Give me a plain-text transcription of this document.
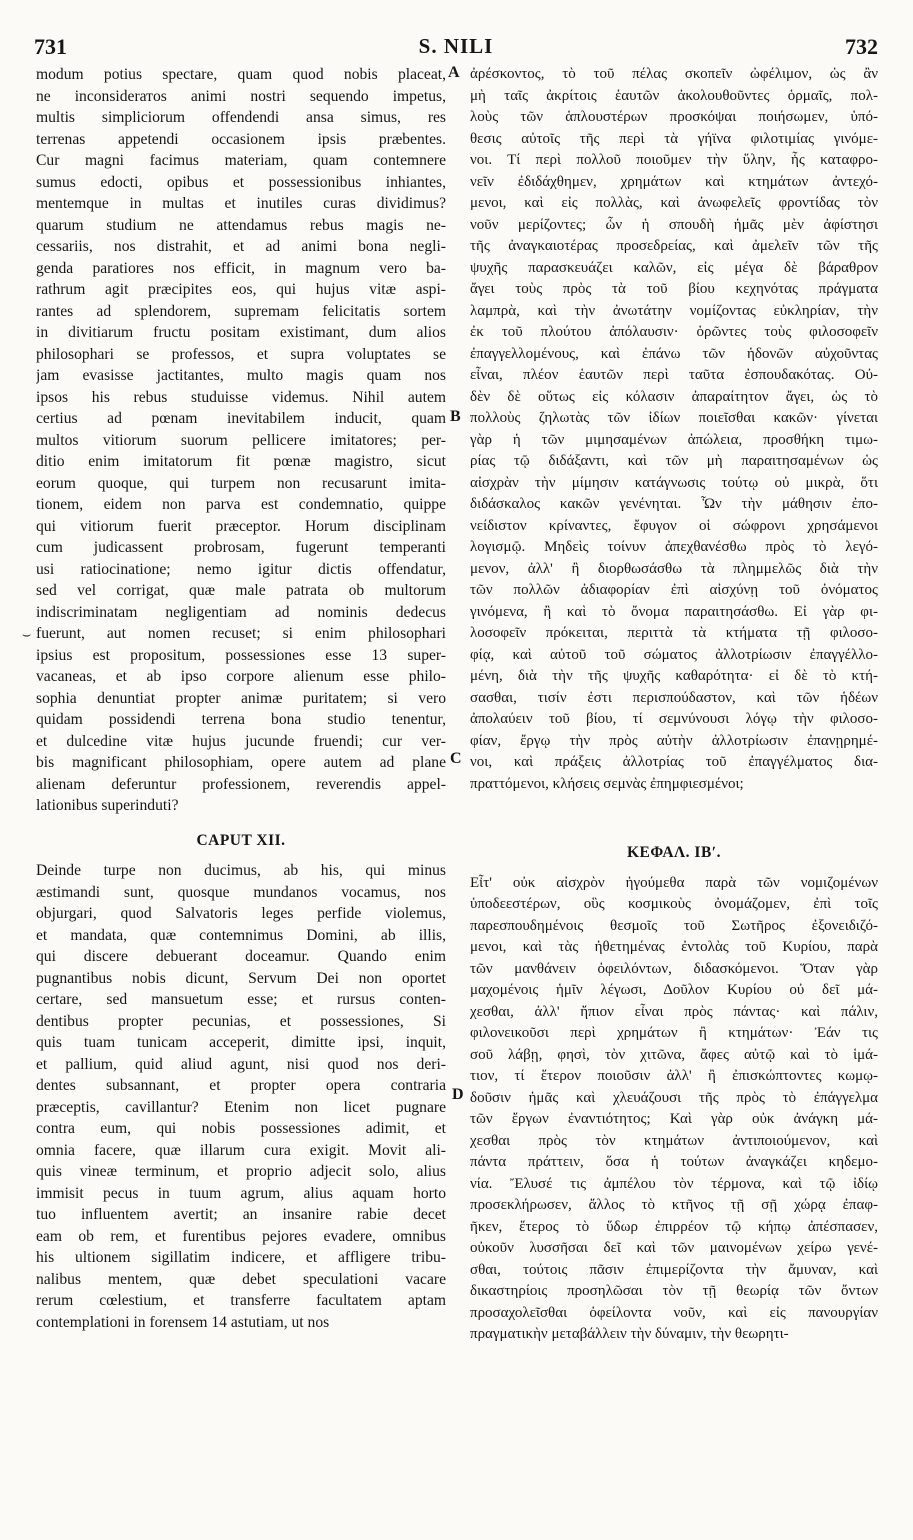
731	S. NILI	732
modum potius spectare, quam quod nobis placeat,
ne inconsiderатos animi nostri sequendo impetus,
multis simpliciorum offendendi ansa simus, res
terrenas appetendi occasionem ipsis præbentes.
Cur magni facimus materiam, quam contemnere
sumus edocti, opibus et possessionibus inhiantes,
mentemque in multas et inutiles curas dividimus?
quarum studium ne attendamus rebus magis ne-
cessariis, nos distrahit, et ad animi bona negli-
genda paratiores nos efficit, in magnum vero ba-
rathrum agit præcipites eos, qui hujus vitæ aspi-
rantes ad splendorem, supremam felicitatis sortem
in divitiarum fructu positam existimant, dum alios
philosophari se professos, et supra voluptates se
jam evasisse jactitantes, multo magis quam nos
ipsos his rebus studuisse videmus. Nihil autem
certius ad pœnam inevitabilem inducit, quam
multos vitiorum suorum pellicere imitatores; per-
ditio enim imitatorum fit pœnæ magistro, sicut
eorum quoque, qui turpem non recusarunt imita-
tionem, eidem non parva est condemnatio, quippe
qui vitiorum fuerit præceptor. Horum disciplinam
cum judicassent probrosam, fugerunt temperanti
usi ratiocinatione; nemo igitur dictis offendatur,
sed vel corrigat, quæ male patrata ob multorum
indiscriminatam negligentiam ad nominis dedecus
fuerunt, aut nomen recuset; si enim philosophari
ipsius est propositum, possessiones esse 13 super-
vacaneas, et ab ipso corpore alienum esse philo-
sophia denuntiat propter animæ puritatem; si vero
quidam possidendi terrena bona studio tenentur,
et dulcedine vitæ hujus jucunde fruendi; cur ver-
bis magnificant philosophiam, opere autem ad plane
alienam deferuntur professionem, reverendis appel-
lationibus superinduti?
CAPUT XII.
Deinde turpe non ducimus, ab his, qui minus
æstimandi sunt, quosque mundanos vocamus, nos
objurgari, quod Salvatoris leges perfide violemus,
et mandata, quæ contemnimus Domini, ab illis,
qui discere debuerant doceamur. Quando enim
pugnantibus nobis dicunt, Servum Dei non oportet
certare, sed mansuetum esse; et rursus conten-
dentibus propter pecunias, et possessiones, Si
quis tuam tunicam acceperit, dimitte ipsi, inquit,
et pallium, quid aliud agunt, nisi quod nos deri-
dentes subsannant, et propter opera contraria
præceptis, cavillantur? Etenim non licet pugnare
contra eum, qui nobis possessiones adimit, et
omnia facere, quæ illarum cura exigit. Movit ali-
quis vineæ terminum, et proprio adjecit solo, alius
immisit pecus in tuum agrum, alius aquam horto
tuo influentem avertit; an insanire rabie decet
eam ob rem, et furentibus pejores evadere, omnibus
his ultionem sigillatim indicere, et affligere tribu-
nalibus mentem, quæ debet speculationi vacare
rerum cœlestium, et transferre facultatem aptam
contemplationi in forensem 14 astutiam, ut nos
ἀρέσκοντος, τὸ τοῦ πέλας σκοπεῖν ὠφέλιμον, ὡς ἂν
μὴ ταῖς ἀκρίτοις ἑαυτῶν ἀκολουθοῦντες ὁρμαῖς, πολ-
λοὺς τῶν ἁπλουστέρων προσκόψαι ποιήσωμεν, ὑπό-
θεσις αὐτοῖς τῆς περὶ τὰ γήϊνα φιλοτιμίας γινόμε-
νοι. Τί περὶ πολλοῦ ποιοῦμεν τὴν ὕλην, ἧς καταφρο-
νεῖν ἐδιδάχθημεν, χρημάτων καὶ κτημάτων ἀντεχό-
μενοι, καὶ εἰς πολλὰς, καὶ ἀνωφελεῖς φροντίδας τὸν
νοῦν μερίζοντες; ὧν ἡ σπουδὴ ἡμᾶς μὲν ἀφίστησι
τῆς ἀναγκαιοτέρας προσεδρείας, καὶ ἀμελεῖν τῶν τῆς
ψυχῆς παρασκευάζει καλῶν, εἰς μέγα δὲ βάραθρον
ἄγει τοὺς πρὸς τὰ τοῦ βίου κεχηνότας πράγματα
λαμπρὰ, καὶ τὴν ἀνωτάτην νομίζοντας εὐκληρίαν, τὴν
ἐκ τοῦ πλούτου ἀπόλαυσιν· ὁρῶντες τοὺς φιλοσοφεῖν
ἐπαγγελλομένους, καὶ ἐπάνω τῶν ἡδονῶν αὐχοῦντας
εἶναι, πλέον ἑαυτῶν περὶ ταῦτα ἐσπουδακότας. Οὐ-
δὲν δὲ οὕτως εἰς κόλασιν ἀπαραίτητον ἄγει, ὡς τὸ
πολλοὺς ζηλωτὰς τῶν ἰδίων ποιεῖσθαι κακῶν· γίνεται
γὰρ ἡ τῶν μιμησαμένων ἀπώλεια, προσθήκη τιμω-
ρίας τῷ διδάξαντι, καὶ τῶν μὴ παραιτησαμένων ὡς
αἰσχρὰν τὴν μίμησιν κατάγνωσις τούτῳ οὐ μικρὰ, ὅτι
διδάσκαλος κακῶν γενένηται. Ὧν τὴν μάθησιν ἐπο-
νείδιστον κρίναντες, ἔφυγον οἱ σώφρονι χρησάμενοι
λογισμῷ. Μηδεὶς τοίνυν ἀπεχθανέσθω πρὸς τὸ λεγό-
μενον, ἀλλ' ἢ διορθωσάσθω τὰ πλημμελῶς διὰ τὴν
τῶν πολλῶν ἀδιαφορίαν ἐπὶ αἰσχύνῃ τοῦ ὀνόματος
γινόμενα, ἢ καὶ τὸ ὄνομα παραιτησάσθω. Εἰ γὰρ φι-
λοσοφεῖν πρόκειται, περιττὰ τὰ κτήματα τῇ φιλοσο-
φίᾳ, καὶ αὐτοῦ τοῦ σώματος ἀλλοτρίωσιν ἐπαγγέλλο-
μένη, διὰ τὴν τῆς ψυχῆς καθαρότητα· εἰ δὲ τὸ κτή-
σασθαι, τισίν ἐστι περισπούδαστον, καὶ τῶν ἡδέων
ἀπολαύειν τοῦ βίου, τί σεμνύνουσι λόγῳ τὴν φιλοσο-
φίαν, ἔργῳ τὴν πρὸς αὐτὴν ἀλλοτρίωσιν ἐπανῃρημέ-
νοι, καὶ πράξεις ἀλλοτρίας τοῦ ἐπαγγέλματος δια-
πραττόμενοι, κλήσεις σεμνὰς ἐπημφιεσμένοι;
ΚΕΦΑΛ. ΙΒʹ.
Εἶτ' οὐκ αἰσχρὸν ἡγούμεθα παρὰ τῶν νομιζομένων
ὑποδεεστέρων, οὓς κοσμικοὺς ὀνομάζομεν, ἐπὶ τοῖς
παρεσπουδημένοις θεσμοῖς τοῦ Σωτῆρος ἐξονειδιζό-
μενοι, καὶ τὰς ἠθετημένας ἐντολὰς τοῦ Κυρίου, παρὰ
τῶν μανθάνειν ὀφειλόντων, διδασκόμενοι. Ὅταν γὰρ
μαχομένοις ἡμῖν λέγωσι, Δοῦλον Κυρίου οὐ δεῖ μά-
χεσθαι, ἀλλ' ἤπιον εἶναι πρὸς πάντας· καὶ πάλιν,
φιλονεικοῦσι περὶ χρημάτων ἢ κτημάτων· Ἐάν τις
σοῦ λάβῃ, φησὶ, τὸν χιτῶνα, ἄφες αὐτῷ καὶ τὸ ἱμά-
τιον, τί ἕτερον ποιοῦσιν ἀλλ' ἢ ἐπισκώπτοντες κωμῳ-
δοῦσιν ἡμᾶς καὶ χλευάζουσι τῆς πρὸς τὸ ἐπάγγελμα
τῶν ἔργων ἐναντιότητος; Καὶ γὰρ οὐκ ἀνάγκη μά-
χεσθαι πρὸς τὸν κτημάτων ἀντιποιούμενον, καὶ
πάντα πράττειν, ὅσα ἡ τούτων ἀναγκάζει κηδεμο-
νία. Ἔλυσέ τις ἀμπέλου τὸν τέρμονα, καὶ τῷ ἰδίῳ
προσεκλήρωσεν, ἄλλος τὸ κτῆνος τῇ σῇ χώρᾳ ἐπαφ-
ῆκεν, ἕτερος τὸ ὕδωρ ἐπιρρέον τῷ κήπῳ ἀπέσπασεν,
οὐκοῦν λυσσῆσαι δεῖ καὶ τῶν μαινομένων χείρω γενέ-
σθαι, τούτοις πᾶσιν ἐπιμερίζοντα τὴν ἄμυναν, καὶ
δικαστηρίοις προσηλῶσαι τὸν τῇ θεωρίᾳ τῶν ὄντων
προσαχολεῖσθαι ὀφείλοντα νοῦν, καὶ εἰς πανουργίαν
πραγματικὴν μεταβάλλειν τὴν δύναμιν, τὴν θεωρητι-
A
B
C
D
⌣
